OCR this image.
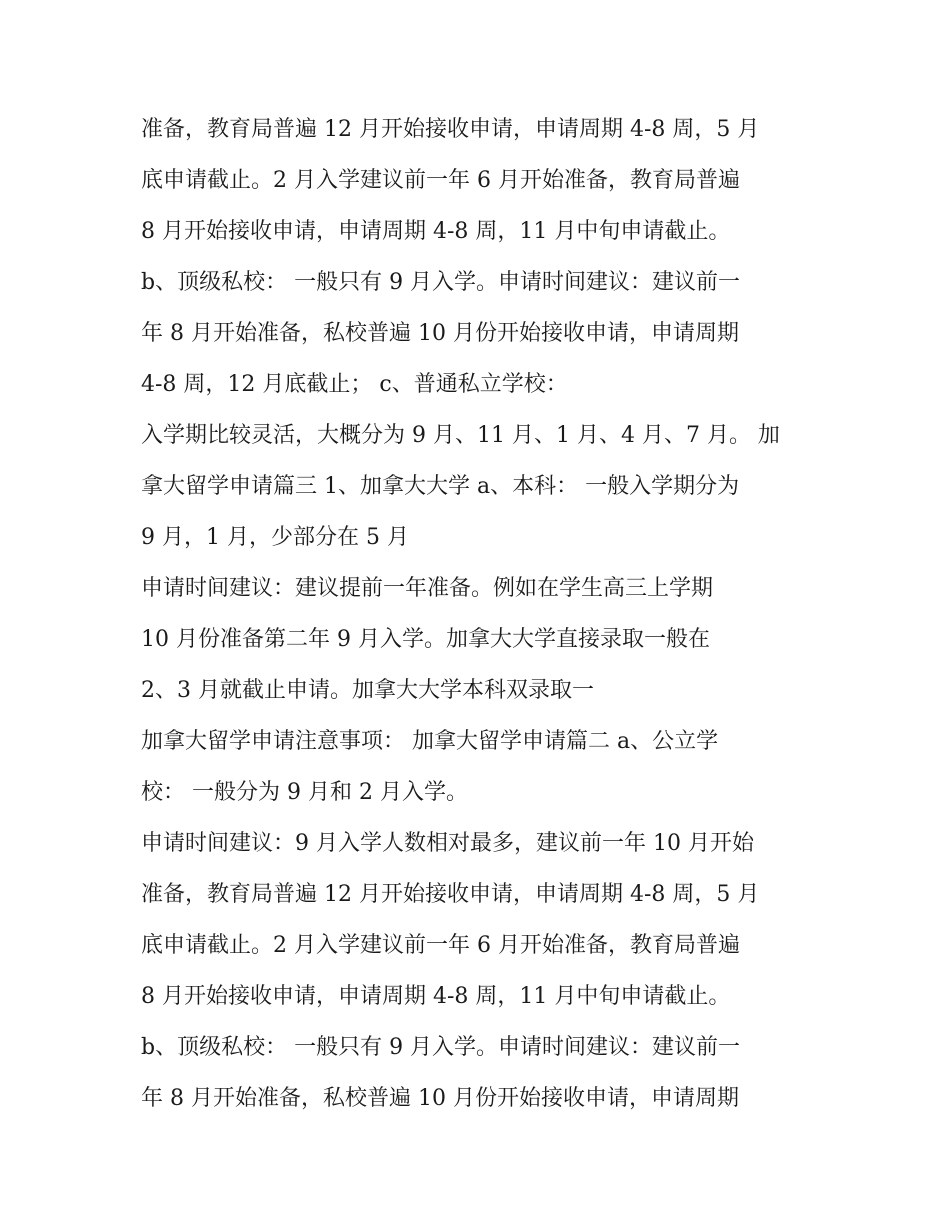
准备，教育局普遍 12 月开始接收申请，申请周期 4-8 周，5 月
底申请截止。2 月入学建议前一年 6 月开始准备，教育局普遍
8 月开始接收申请，申请周期 4-8 周，11 月中旬申请截止。
b、顶级私校： 一般只有 9 月入学。申请时间建议：建议前一
年 8 月开始准备，私校普遍 10 月份开始接收申请，申请周期
4-8 周，12 月底截止； c、普通私立学校：
入学期比较灵活，大概分为 9 月、11 月、1 月、4 月、7 月。 加
拿大留学申请篇三 1、加拿大大学 a、本科： 一般入学期分为
9 月，1 月，少部分在 5 月
申请时间建议：建议提前一年准备。例如在学生高三上学期
10 月份准备第二年 9 月入学。加拿大大学直接录取一般在
2、3 月就截止申请。加拿大大学本科双录取一
加拿大留学申请注意事项： 加拿大留学申请篇二 a、公立学
校： 一般分为 9 月和 2 月入学。
申请时间建议：9 月入学人数相对最多，建议前一年 10 月开始
准备，教育局普遍 12 月开始接收申请，申请周期 4-8 周，5 月
底申请截止。2 月入学建议前一年 6 月开始准备，教育局普遍
8 月开始接收申请，申请周期 4-8 周，11 月中旬申请截止。
b、顶级私校： 一般只有 9 月入学。申请时间建议：建议前一
年 8 月开始准备，私校普遍 10 月份开始接收申请，申请周期
